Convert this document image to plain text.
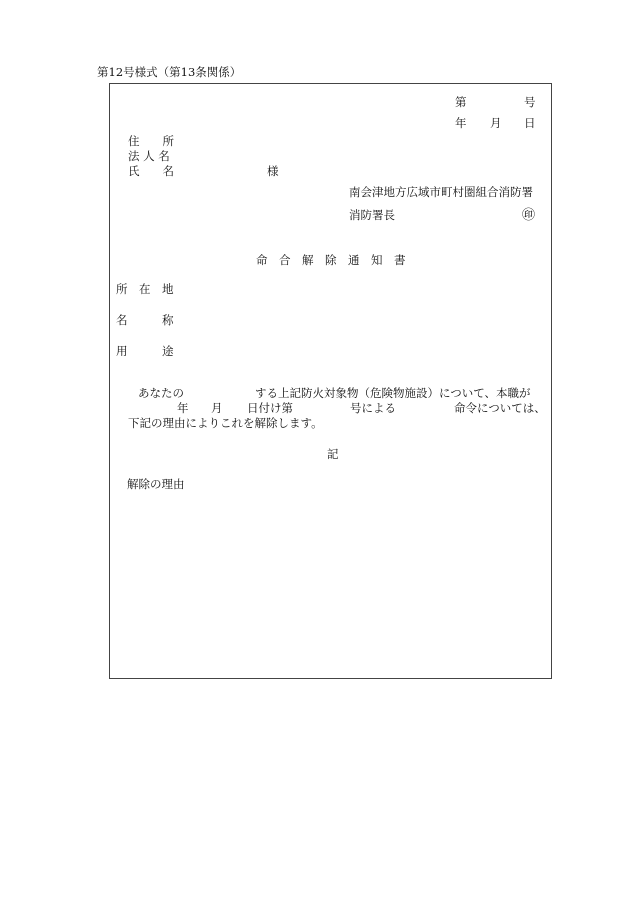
第12号様式（第13条関係）
第	号
年 月 日
住　　所
法 人 名
氏　　名	様
南会津地方広域市町村圏組合消防署
消防署長	㊞
命　合　解　除　通　知　書
所　在　地
名　　　称
用　　　途
あなたの	する上記防火対象物（危険物施設）について、本職が
年 月 日付け第	号による	命令については、
下記の理由によりこれを解除します。
記
解除の理由
